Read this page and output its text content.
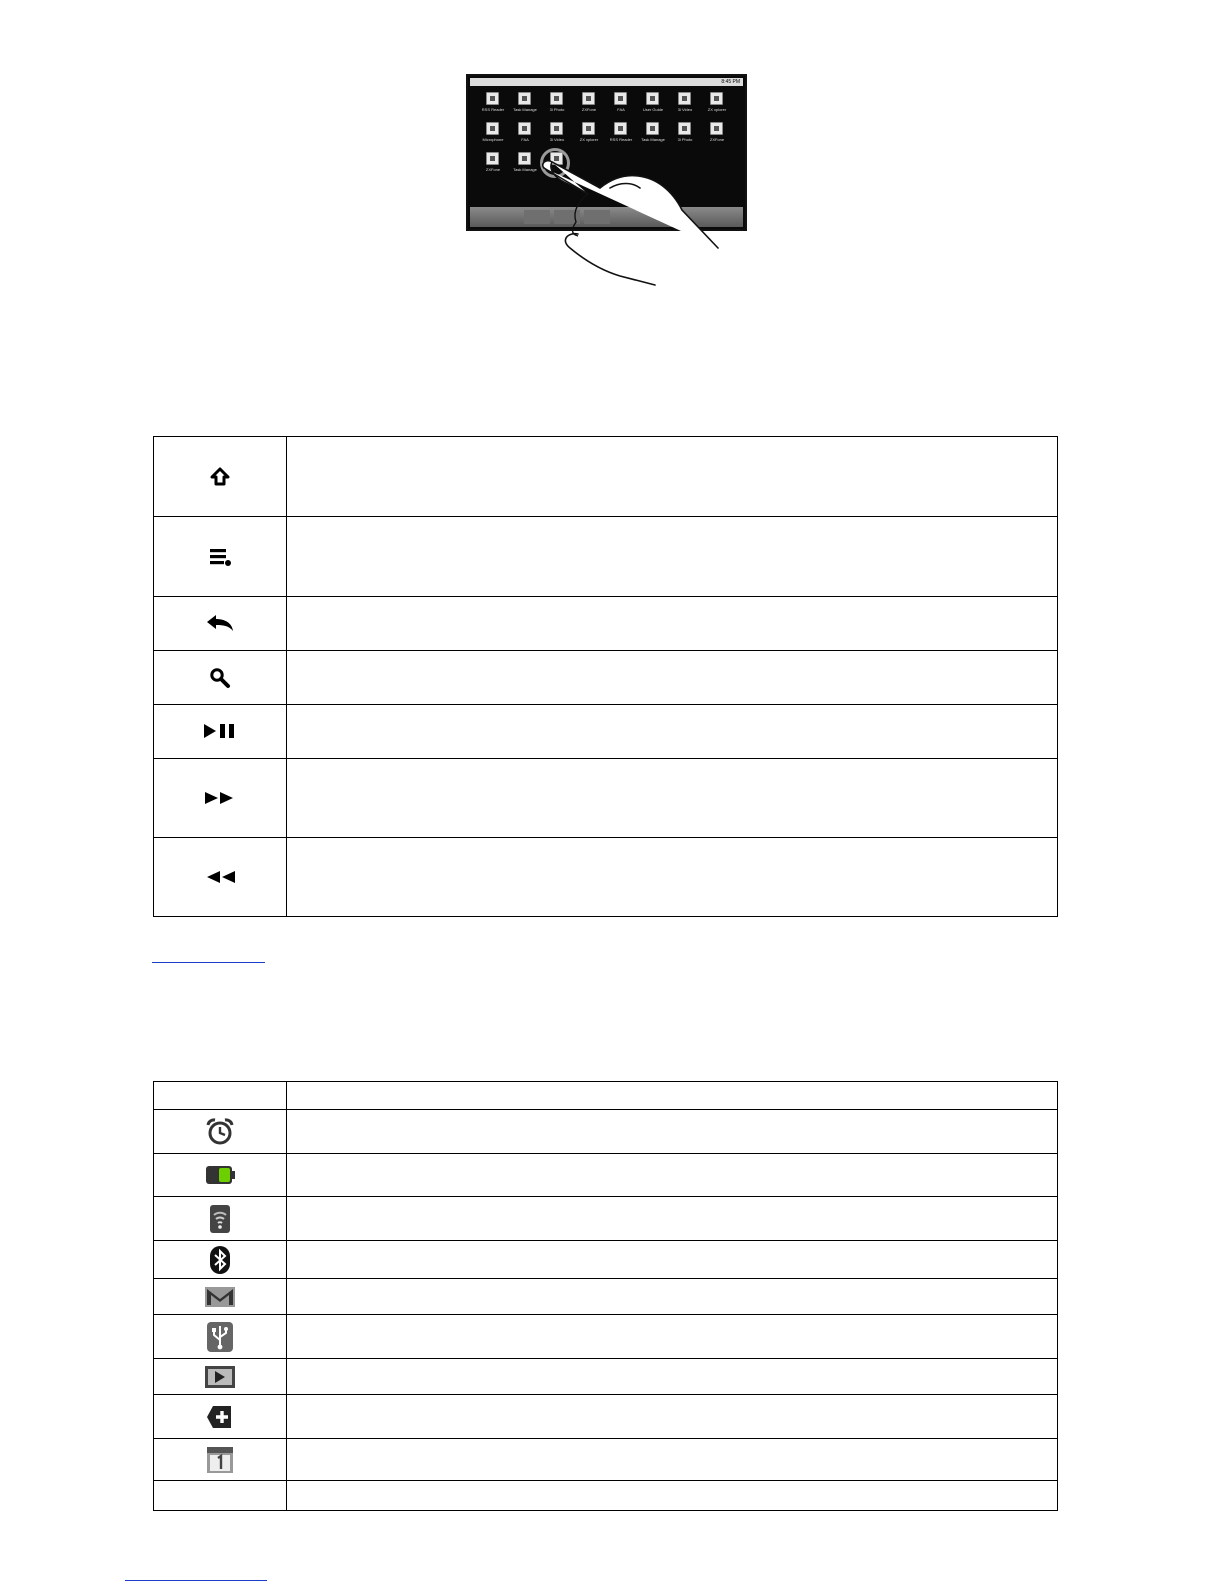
8:45 PM
RSS Reader	Task Manage	3i Photo	ZXFone	FAA	User Guide	3i Video	ZX xplorer
Microphone	FAA	3i Video	ZX xplorer	RSS Reader	Task Manage	3i Photo	ZXFone
ZXFone	Task Manage
